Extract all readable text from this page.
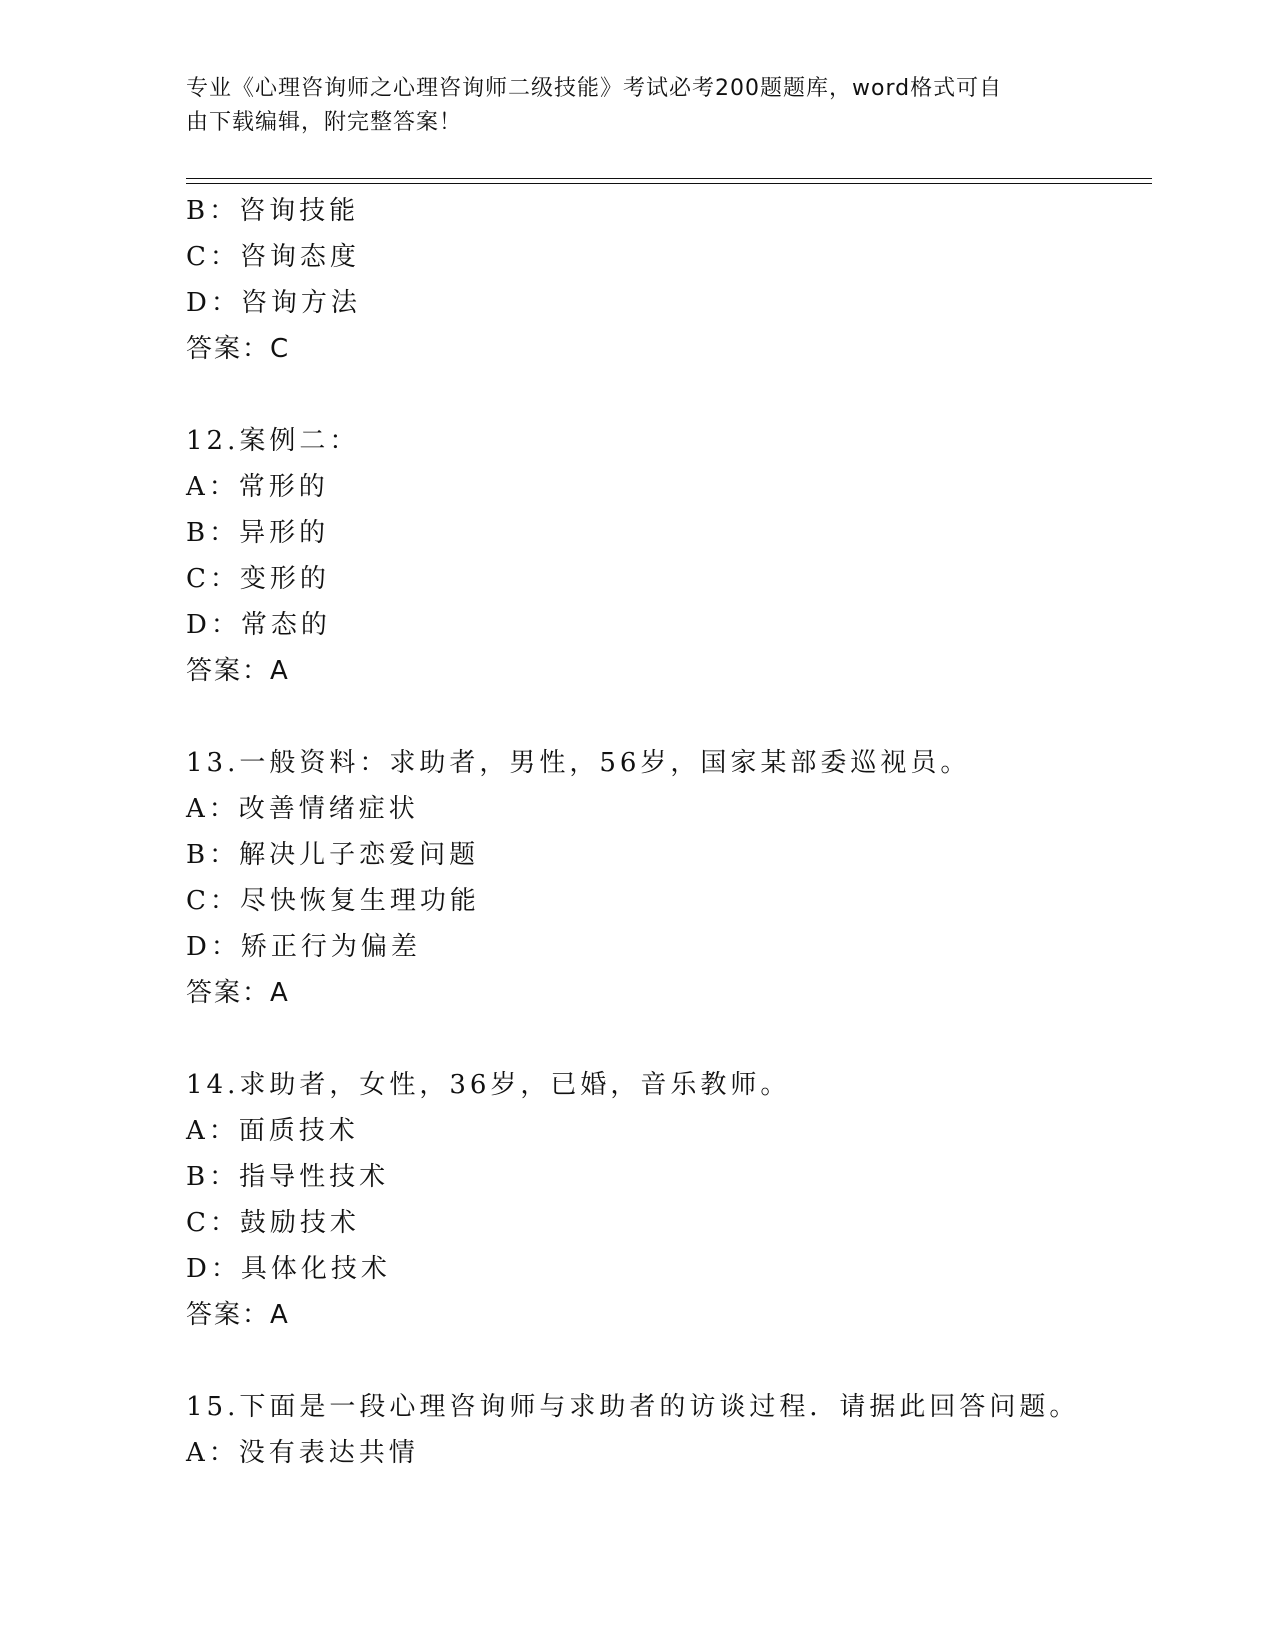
专业《心理咨询师之心理咨询师二级技能》考试必考200题题库，word格式可自
由下载编辑，附完整答案！
B：咨询技能
C：咨询态度
D：咨询方法
答案：C
12.案例二：
A：常形的
B：异形的
C：变形的
D：常态的
答案：A
13.一般资料：求助者，男性，56岁，国家某部委巡视员。
A：改善情绪症状
B：解决儿子恋爱问题
C：尽快恢复生理功能
D：矫正行为偏差
答案：A
14.求助者，女性，36岁，已婚，音乐教师。
A：面质技术
B：指导性技术
C：鼓励技术
D：具体化技术
答案：A
15.下面是一段心理咨询师与求助者的访谈过程．请据此回答问题。
A：没有表达共情
